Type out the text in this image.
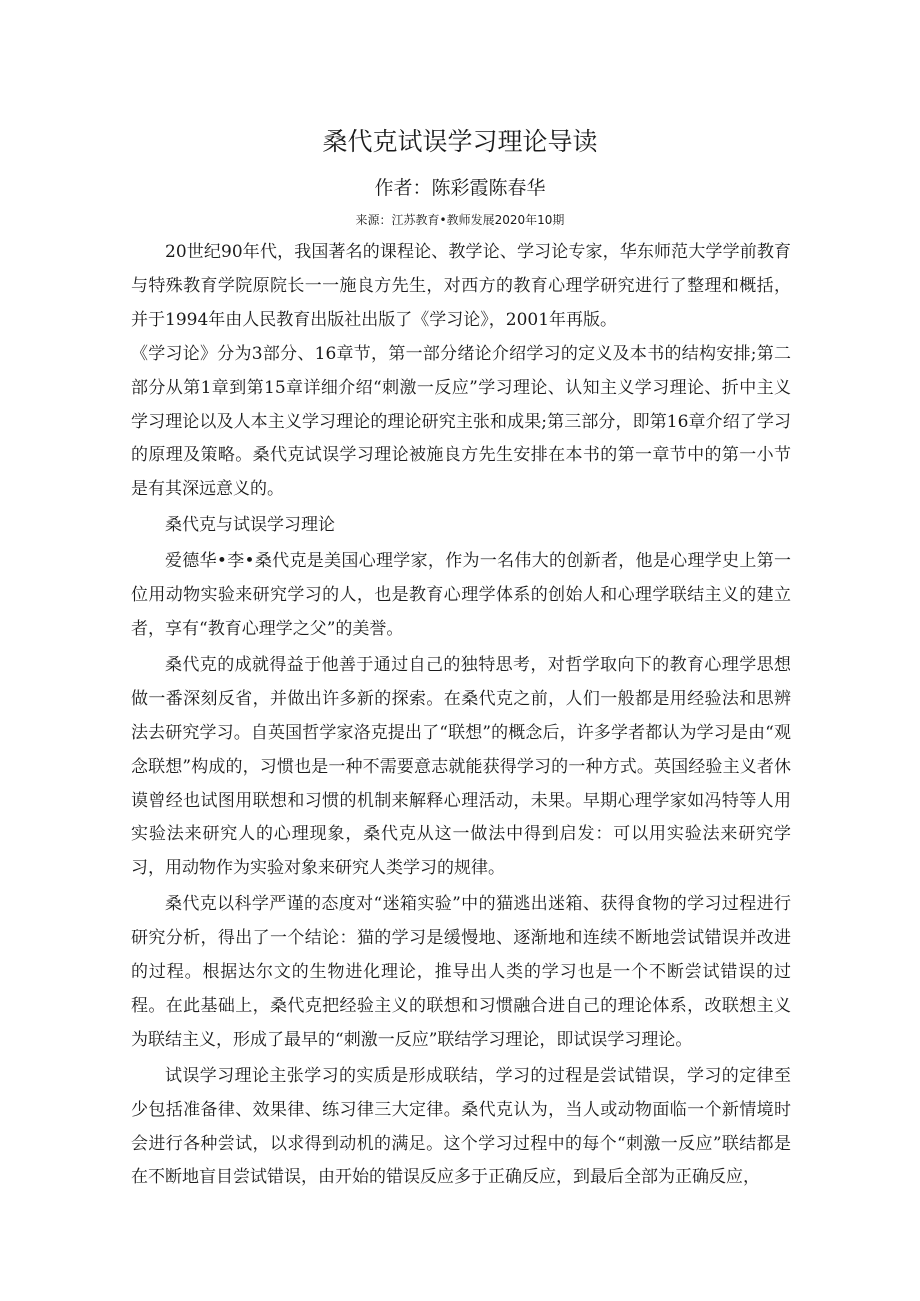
桑代克试误学习理论导读
作者：陈彩霞陈春华
来源：江苏教育•教师发展2020年10期

20世纪90年代，我国著名的课程论、教学论、学习论专家，华东师范大学学前教育与特殊教育学院原院长一一施良方先生，对西方的教育心理学研究进行了整理和概括，并于1994年由人民教育出版社出版了《学习论》，2001年再版。

《学习论》分为3部分、16章节，第一部分绪论介绍学习的定义及本书的结构安排;第二部分从第1章到第15章详细介绍“刺激一反应”学习理论、认知主义学习理论、折中主义学习理论以及人本主义学习理论的理论研究主张和成果;第三部分，即第16章介绍了学习的原理及策略。桑代克试误学习理论被施良方先生安排在本书的第一章节中的第一小节是有其深远意义的。

桑代克与试误学习理论

爱德华•李•桑代克是美国心理学家，作为一名伟大的创新者，他是心理学史上第一位用动物实验来研究学习的人，也是教育心理学体系的创始人和心理学联结主义的建立者，享有“教育心理学之父”的美誉。

桑代克的成就得益于他善于通过自己的独特思考，对哲学取向下的教育心理学思想做一番深刻反省，并做出许多新的探索。在桑代克之前，人们一般都是用经验法和思辨法去研究学习。自英国哲学家洛克提出了“联想”的概念后，许多学者都认为学习是由“观念联想”构成的，习惯也是一种不需要意志就能获得学习的一种方式。英国经验主义者休谟曾经也试图用联想和习惯的机制来解释心理活动，未果。早期心理学家如冯特等人用实验法来研究人的心理现象，桑代克从这一做法中得到启发：可以用实验法来研究学习，用动物作为实验对象来研究人类学习的规律。

桑代克以科学严谨的态度对“迷箱实验”中的猫逃出迷箱、获得食物的学习过程进行研究分析，得出了一个结论：猫的学习是缓慢地、逐渐地和连续不断地尝试错误并改进的过程。根据达尔文的生物进化理论，推导出人类的学习也是一个不断尝试错误的过程。在此基础上，桑代克把经验主义的联想和习惯融合进自己的理论体系，改联想主义为联结主义，形成了最早的“刺激一反应”联结学习理论，即试误学习理论。

试误学习理论主张学习的实质是形成联结，学习的过程是尝试错误，学习的定律至少包括准备律、效果律、练习律三大定律。桑代克认为，当人或动物面临一个新情境时会进行各种尝试，以求得到动机的满足。这个学习过程中的每个“刺激一反应”联结都是在不断地盲目尝试错误，由开始的错误反应多于正确反应，到最后全部为正确反应，
